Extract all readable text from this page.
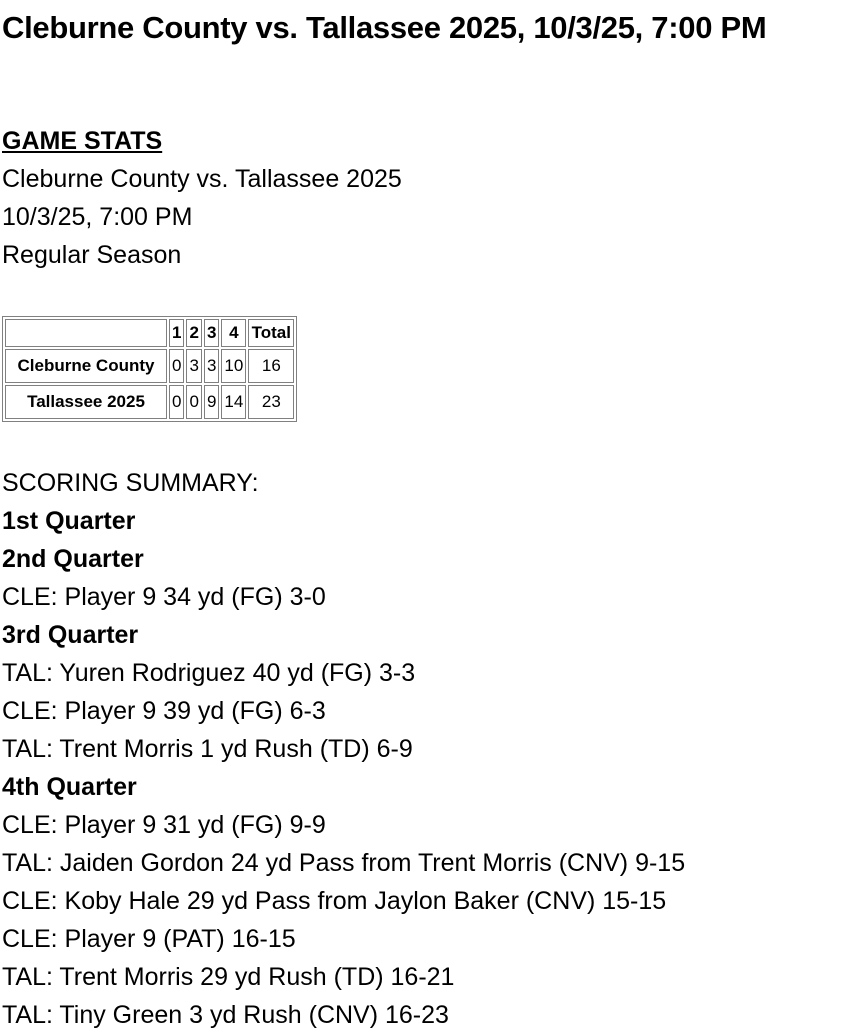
Cleburne County vs. Tallassee 2025, 10/3/25, 7:00 PM
GAME STATS
Cleburne County vs. Tallassee 2025
10/3/25, 7:00 PM
Regular Season
	1	2	3	4	Total
Cleburne County	0	3	3	10	16
Tallassee 2025	0	0	9	14	23
SCORING SUMMARY:
1st Quarter
2nd Quarter
CLE: Player 9 34 yd (FG) 3-0
3rd Quarter
TAL: Yuren Rodriguez 40 yd (FG) 3-3
CLE: Player 9 39 yd (FG) 6-3
TAL: Trent Morris 1 yd Rush (TD) 6-9
4th Quarter
CLE: Player 9 31 yd (FG) 9-9
TAL: Jaiden Gordon 24 yd Pass from Trent Morris (CNV) 9-15
CLE: Koby Hale 29 yd Pass from Jaylon Baker (CNV) 15-15
CLE: Player 9 (PAT) 16-15
TAL: Trent Morris 29 yd Rush (TD) 16-21
TAL: Tiny Green 3 yd Rush (CNV) 16-23
